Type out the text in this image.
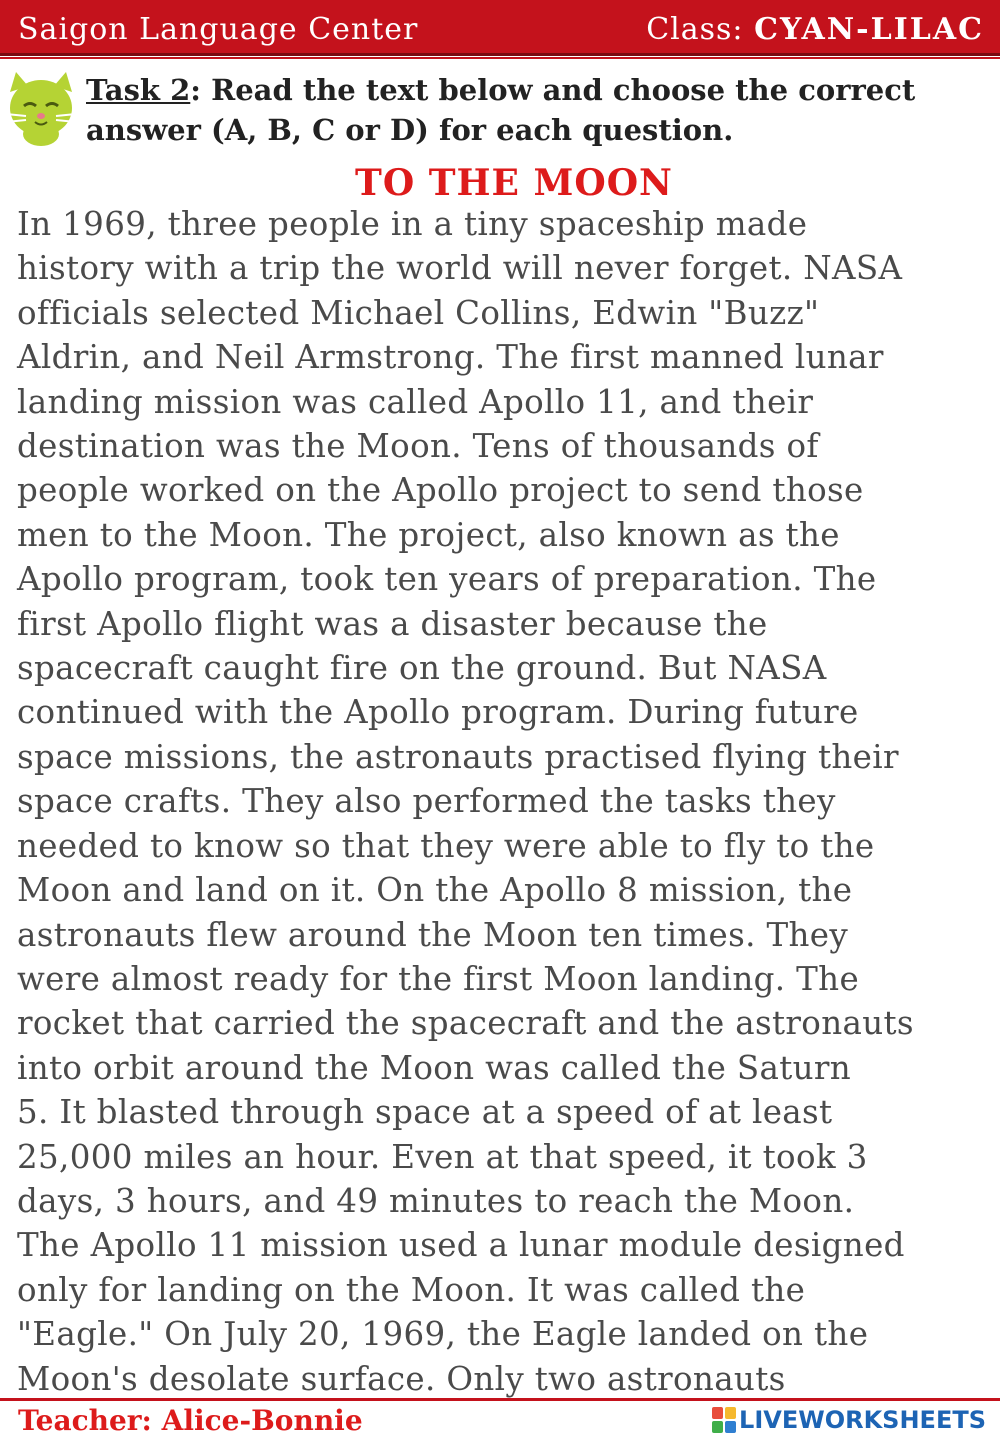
Saigon Language Center	Class: CYAN-LILAC
Task 2: Read the text below and choose the correct answer (A, B, C or D) for each question.
TO THE MOON
In 1969, three people in a tiny spaceship made
history with a trip the world will never forget. NASA
officials selected Michael Collins, Edwin "Buzz"
Aldrin, and Neil Armstrong. The first manned lunar
landing mission was called Apollo 11, and their
destination was the Moon. Tens of thousands of
people worked on the Apollo project to send those
men to the Moon. The project, also known as the
Apollo program, took ten years of preparation. The
first Apollo flight was a disaster because the
spacecraft caught fire on the ground. But NASA
continued with the Apollo program. During future
space missions, the astronauts practised flying their
space crafts. They also performed the tasks they
needed to know so that they were able to fly to the
Moon and land on it. On the Apollo 8 mission, the
astronauts flew around the Moon ten times. They
were almost ready for the first Moon landing. The
rocket that carried the spacecraft and the astronauts
into orbit around the Moon was called the Saturn
5. It blasted through space at a speed of at least
25,000 miles an hour. Even at that speed, it took 3
days, 3 hours, and 49 minutes to reach the Moon.
The Apollo 11 mission used a lunar module designed
only for landing on the Moon. It was called the
"Eagle." On July 20, 1969, the Eagle landed on the
Moon's desolate surface. Only two astronauts
Teacher: Alice-Bonnie	LIVEWORKSHEETS
